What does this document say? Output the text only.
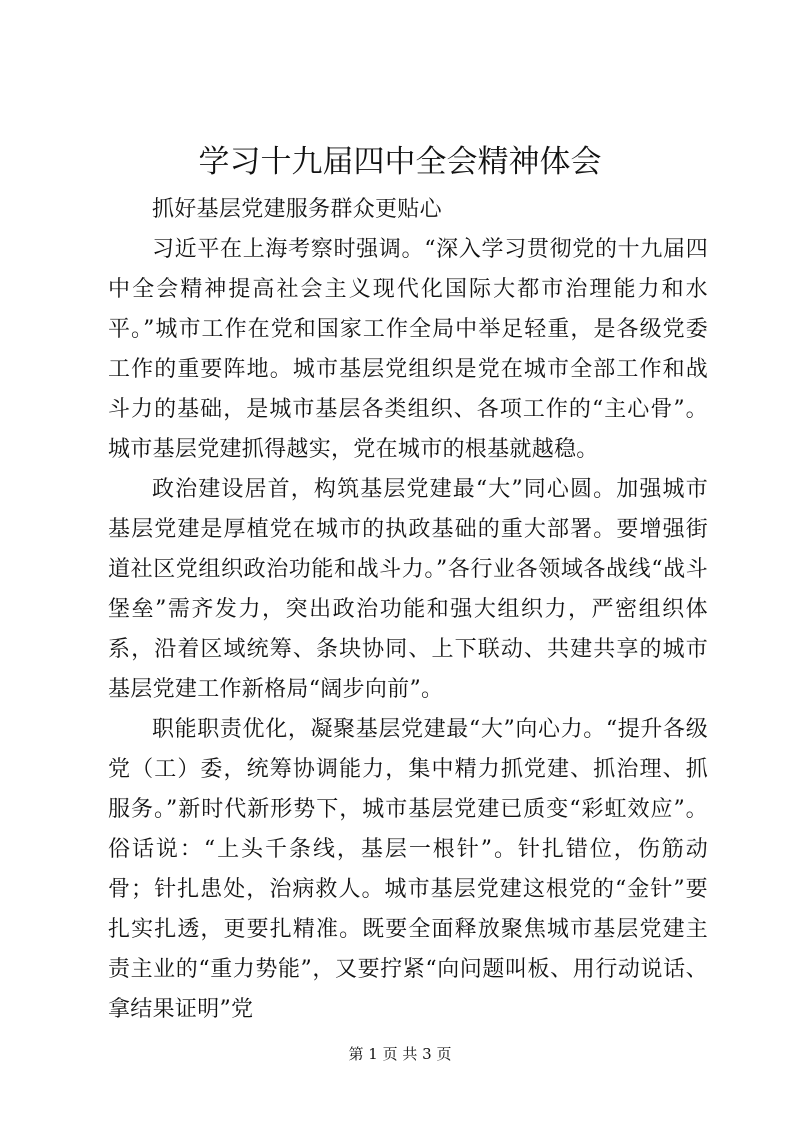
学习十九届四中全会精神体会

抓好基层党建服务群众更贴心

习近平在上海考察时强调。“深入学习贯彻党的十九届四中全会精神提高社会主义现代化国际大都市治理能力和水平。”城市工作在党和国家工作全局中举足轻重，是各级党委工作的重要阵地。城市基层党组织是党在城市全部工作和战斗力的基础，是城市基层各类组织、各项工作的“主心骨”。城市基层党建抓得越实，党在城市的根基就越稳。

政治建设居首，构筑基层党建最“大”同心圆。加强城市基层党建是厚植党在城市的执政基础的重大部署。要增强街道社区党组织政治功能和战斗力。”各行业各领域各战线“战斗堡垒”需齐发力，突出政治功能和强大组织力，严密组织体系，沿着区域统筹、条块协同、上下联动、共建共享的城市基层党建工作新格局“阔步向前”。

职能职责优化，凝聚基层党建最“大”向心力。“提升各级党（工）委，统筹协调能力，集中精力抓党建、抓治理、抓服务。”新时代新形势下，城市基层党建已质变“彩虹效应”。俗话说：“上头千条线，基层一根针”。针扎错位，伤筋动骨；针扎患处，治病救人。城市基层党建这根党的“金针”要扎实扎透，更要扎精准。既要全面释放聚焦城市基层党建主责主业的“重力势能”，又要拧紧“向问题叫板、用行动说话、拿结果证明”党

第 1 页 共 3 页
